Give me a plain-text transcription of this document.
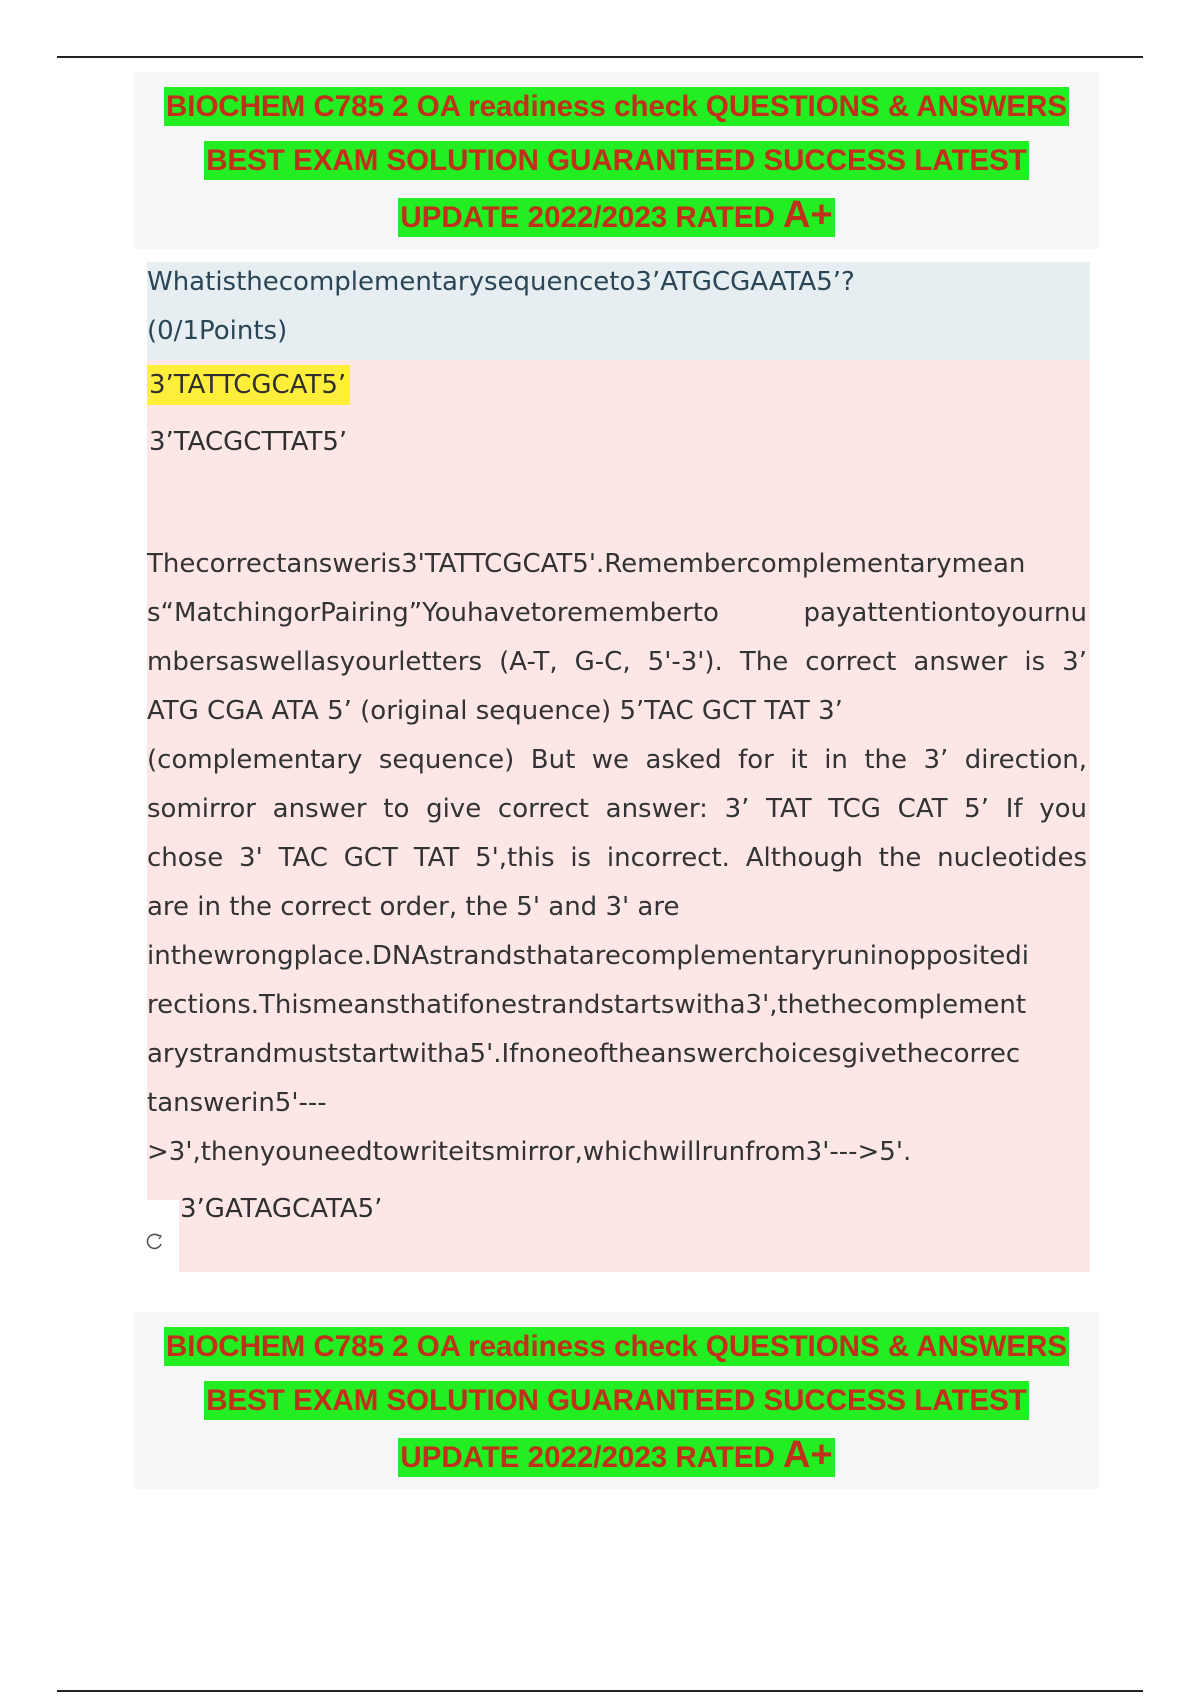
BIOCHEM C785 2 OA readiness check QUESTIONS & ANSWERS
BEST EXAM SOLUTION GUARANTEED SUCCESS LATEST
UPDATE 2022/2023 RATED A+
Whatisthecomplementarysequenceto3’ATGCGAATA5’?
(0/1Points)
3’TATTCGCAT5’
3’TACGCTTAT5’
Thecorrectansweris3'TATTCGCAT5'.Remembercomplementarymean
s“MatchingorPairing”Youhavetorememberto payattentiontoyournu
mbersaswellasyourletters (A-T, G-C, 5'-3'). The correct answer is 3’
ATG CGA ATA 5’ (original sequence) 5’TAC GCT TAT 3’
(complementary sequence) But we asked for it in the 3’ direction,
somirror answer to give correct answer: 3’ TAT TCG CAT 5’ If you
chose 3' TAC GCT TAT 5',this is incorrect. Although the nucleotides
are in the correct order, the 5' and 3' are
inthewrongplace.DNAstrandsthatarecomplementaryruninoppositedi
rections.Thismeansthatifonestrandstartswitha3',thethecomplement
arystrandmuststartwitha5'.Ifnoneoftheanswerchoicesgivethecorrec
tanswerin5'---
>3',thenyouneedtowriteitsmirror,whichwillrunfrom3'--->5'.
3’GATAGCATA5’
BIOCHEM C785 2 OA readiness check QUESTIONS & ANSWERS
BEST EXAM SOLUTION GUARANTEED SUCCESS LATEST
UPDATE 2022/2023 RATED A+
